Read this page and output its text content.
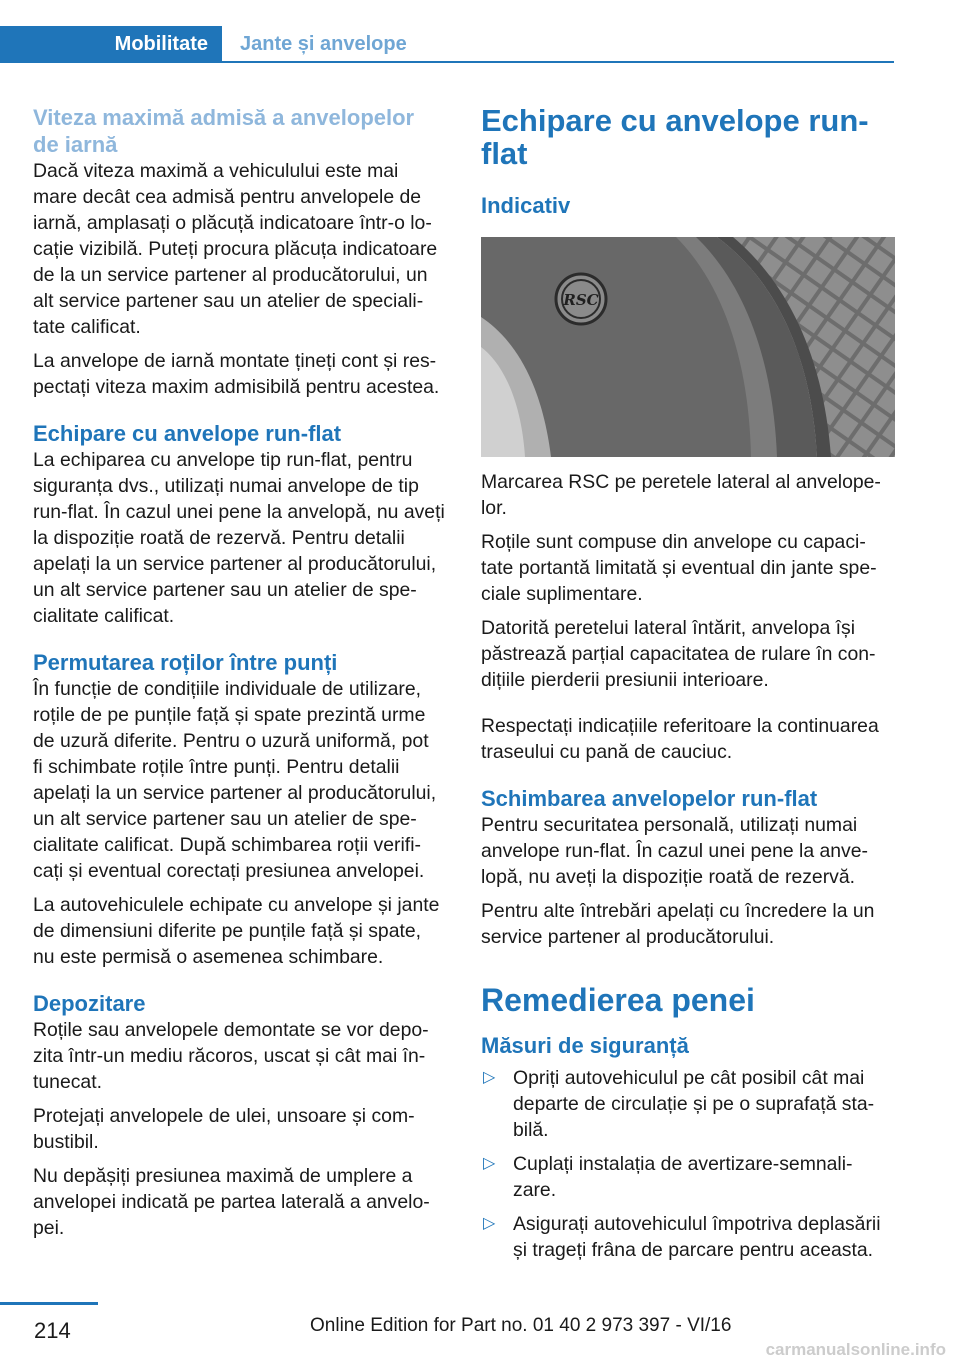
Mobilitate	Jante și anvelope
Viteza maximă admisă a anvelopelor
de iarnă
Dacă viteza maximă a vehiculului este mai
mare decât cea admisă pentru anvelopele de
iarnă, amplasați o plăcuță indicatoare într-o lo‐
cație vizibilă. Puteți procura plăcuța indicatoare
de la un service partener al producătorului, un
alt service partener sau un atelier de speciali‐
tate calificat.
La anvelope de iarnă montate țineți cont și res‐
pectați viteza maxim admisibilă pentru acestea.
Echipare cu anvelope run-flat
La echiparea cu anvelope tip run-flat, pentru
siguranța dvs., utilizați numai anvelope de tip
run-flat. În cazul unei pene la anvelopă, nu aveți
la dispoziție roată de rezervă. Pentru detalii
apelați la un service partener al producătorului,
un alt service partener sau un atelier de spe‐
cialitate calificat.
Permutarea roților între punți
În funcție de condițiile individuale de utilizare,
roțile de pe punțile față și spate prezintă urme
de uzură diferite. Pentru o uzură uniformă, pot
fi schimbate roțile între punți. Pentru detalii
apelați la un service partener al producătorului,
un alt service partener sau un atelier de spe‐
cialitate calificat. După schimbarea roții verifi‐
cați și eventual corectați presiunea anvelopei.
La autovehiculele echipate cu anvelope și jante
de dimensiuni diferite pe punțile față și spate,
nu este permisă o asemenea schimbare.
Depozitare
Roțile sau anvelopele demontate se vor depo‐
zita într-un mediu răcoros, uscat și cât mai în‐
tunecat.
Protejați anvelopele de ulei, unsoare și com‐
bustibil.
Nu depășiți presiunea maximă de umplere a
anvelopei indicată pe partea laterală a anvelo‐
pei.
Echipare cu anvelope run-
flat
Indicativ
RSC
Marcarea RSC pe peretele lateral al anvelope‐
lor.
Roțile sunt compuse din anvelope cu capaci‐
tate portantă limitată și eventual din jante spe‐
ciale suplimentare.
Datorită peretelui lateral întărit, anvelopa își
păstrează parțial capacitatea de rulare în con‐
dițiile pierderii presiunii interioare.
Respectați indicațiile referitoare la continuarea
traseului cu pană de cauciuc.
Schimbarea anvelopelor run-flat
Pentru securitatea personală, utilizați numai
anvelope run-flat. În cazul unei pene la anve‐
lopă, nu aveți la dispoziție roată de rezervă.
Pentru alte întrebări apelați cu încredere la un
service partener al producătorului.
Remedierea penei
Măsuri de siguranță
▷ Opriți autovehiculul pe cât posibil cât mai
departe de circulație și pe o suprafață sta‐
bilă.
▷ Cuplați instalația de avertizare-semnali‐
zare.
▷ Asigurați autovehiculul împotriva deplasării
și trageți frâna de parcare pentru aceasta.
214	Online Edition for Part no. 01 40 2 973 397 - VI/16
carmanualsonline.info
